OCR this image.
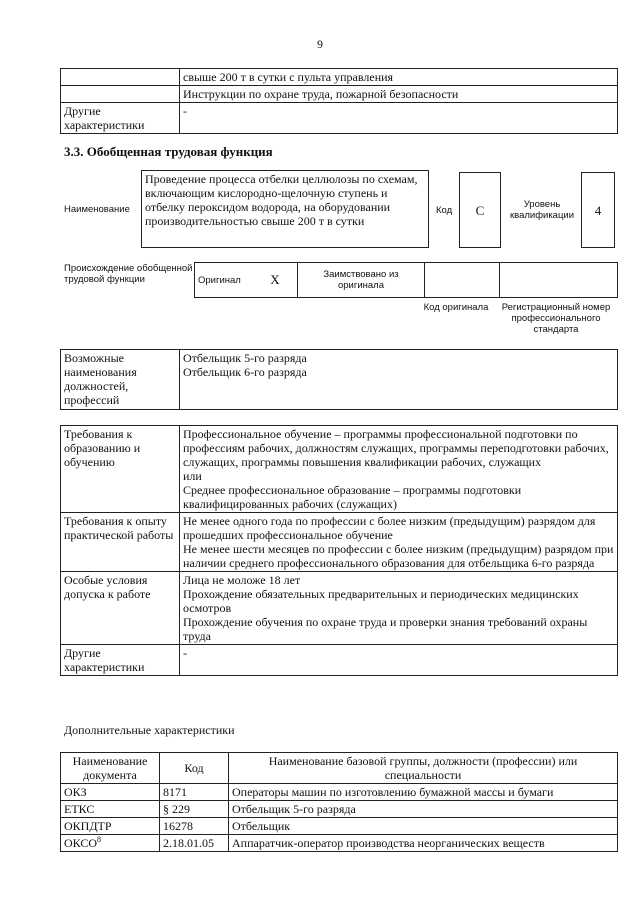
9
	свыше 200 т в сутки с пульта управления
	Инструкции по охране труда, пожарной безопасности
Другие характеристики	-
3.3. Обобщенная трудовая функция
Наименование
Проведение процесса отбелки целлюлозы по схемам, включающим кислородно-щелочную ступень и отбелку пероксидом водорода, на оборудовании производительностью свыше 200 т в сутки
Код	C	Уровень квалификации	4
Происхождение обобщенной трудовой функции	Оригинал	X	Заимствовано из оригинала		
Код оригинала	Регистрационный номер профессионального стандарта
Возможные наименования должностей, профессий	
Отбельщик 5-го разряда
Отбельщик 6-го разряда
Требования к образованию и обучению	Профессиональное обучение – программы профессиональной подготовки по профессиям рабочих, должностям служащих, программы переподготовки рабочих, служащих, программы повышения квалификации рабочих, служащих
или
Среднее профессиональное образование – программы подготовки квалифицированных рабочих (служащих)

Требования к опыту практической работы	Не менее одного года по профессии с более низким (предыдущим) разрядом для прошедших профессиональное обучение
Не менее шести месяцев по профессии с более низким (предыдущим) разрядом при наличии среднего профессионального образования для отбельщика 6-го разряда

Особые условия допуска к работе	Лица не моложе 18 лет
Прохождение обязательных предварительных и периодических медицинских осмотров
Прохождение обучения по охране труда и проверки знания требований охраны труда

Другие характеристики	-
Дополнительные характеристики
Наименование документа	Код	Наименование базовой группы, должности (профессии) или специальности
ОКЗ	8171	Операторы машин по изготовлению бумажной массы и бумаги
ЕТКС	§ 229	Отбельщик 5-го разряда
ОКПДТР	16278	Отбельщик
ОКСО$^8$	2.18.01.05	Аппаратчик-оператор производства неорганических веществ
